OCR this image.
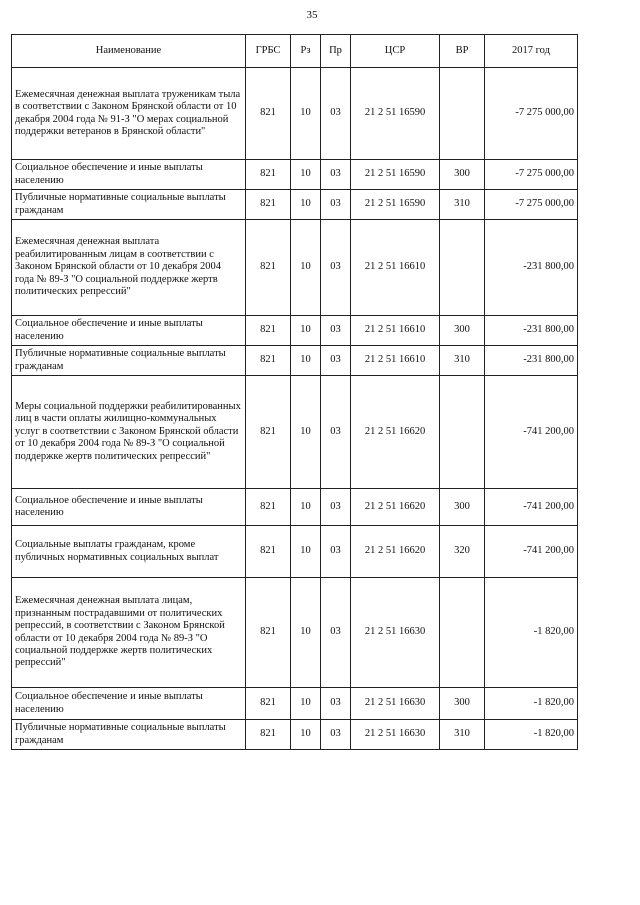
35
Наименование	ГРБС	Рз	Пр	ЦСР	ВР	2017 год
Ежемесячная денежная выплата труженикам тыла в соответствии с Законом Брянской области от 10 декабря 2004 года № 91-З "О мерах социальной поддержки ветеранов в Брянской области"	821	10	03	21 2 51 16590		-7 275 000,00
Социальное обеспечение и иные выплаты населению	821	10	03	21 2 51 16590	300	-7 275 000,00
Публичные нормативные социальные выплаты гражданам	821	10	03	21 2 51 16590	310	-7 275 000,00
Ежемесячная денежная выплата реабилитированным лицам в соответствии с Законом Брянской области от 10 декабря 2004 года № 89-З "О социальной поддержке жертв политических репрессий"	821	10	03	21 2 51 16610		-231 800,00
Социальное обеспечение и иные выплаты населению	821	10	03	21 2 51 16610	300	-231 800,00
Публичные нормативные социальные выплаты гражданам	821	10	03	21 2 51 16610	310	-231 800,00
Меры социальной поддержки реабилитированных лиц в части оплаты жилищно-коммунальных услуг в соответствии с Законом Брянской области от 10 декабря 2004 года № 89-З "О социальной поддержке жертв политических репрессий"	821	10	03	21 2 51 16620		-741 200,00
Социальное обеспечение и иные выплаты населению	821	10	03	21 2 51 16620	300	-741 200,00
Социальные выплаты гражданам, кроме публичных нормативных социальных выплат	821	10	03	21 2 51 16620	320	-741 200,00
Ежемесячная денежная выплата лицам, признанным пострадавшими от политических репрессий, в соответствии с Законом Брянской области от 10 декабря 2004 года № 89-З "О социальной поддержке жертв политических репрессий"	821	10	03	21 2 51 16630		-1 820,00
Социальное обеспечение и иные выплаты населению	821	10	03	21 2 51 16630	300	-1 820,00
Публичные нормативные социальные выплаты гражданам	821	10	03	21 2 51 16630	310	-1 820,00
